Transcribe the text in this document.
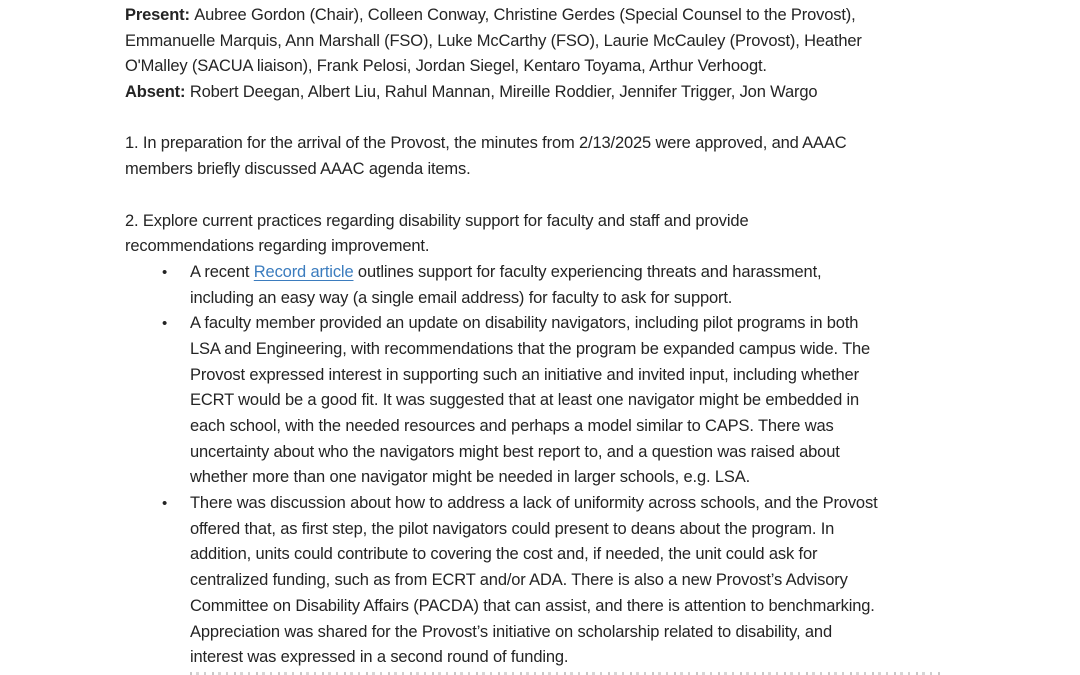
Present: Aubree Gordon (Chair), Colleen Conway, Christine Gerdes (Special Counsel to the Provost),
Emmanuelle Marquis, Ann Marshall (FSO), Luke McCarthy (FSO), Laurie McCauley (Provost), Heather
O'Malley (SACUA liaison), Frank Pelosi, Jordan Siegel, Kentaro Toyama, Arthur Verhoogt.
Absent: Robert Deegan, Albert Liu, Rahul Mannan, Mireille Roddier, Jennifer Trigger, Jon Wargo
1. In preparation for the arrival of the Provost, the minutes from 2/13/2025 were approved, and AAAC
members briefly discussed AAAC agenda items.
2. Explore current practices regarding disability support for faculty and staff and provide
recommendations regarding improvement.
• A recent Record article outlines support for faculty experiencing threats and harassment,
including an easy way (a single email address) for faculty to ask for support.
• A faculty member provided an update on disability navigators, including pilot programs in both
LSA and Engineering, with recommendations that the program be expanded campus wide. The
Provost expressed interest in supporting such an initiative and invited input, including whether
ECRT would be a good fit. It was suggested that at least one navigator might be embedded in
each school, with the needed resources and perhaps a model similar to CAPS. There was
uncertainty about who the navigators might best report to, and a question was raised about
whether more than one navigator might be needed in larger schools, e.g. LSA.
• There was discussion about how to address a lack of uniformity across schools, and the Provost
offered that, as first step, the pilot navigators could present to deans about the program. In
addition, units could contribute to covering the cost and, if needed, the unit could ask for
centralized funding, such as from ECRT and/or ADA. There is also a new Provost’s Advisory
Committee on Disability Affairs (PACDA) that can assist, and there is attention to benchmarking.
Appreciation was shared for the Provost’s initiative on scholarship related to disability, and
interest was expressed in a second round of funding.
